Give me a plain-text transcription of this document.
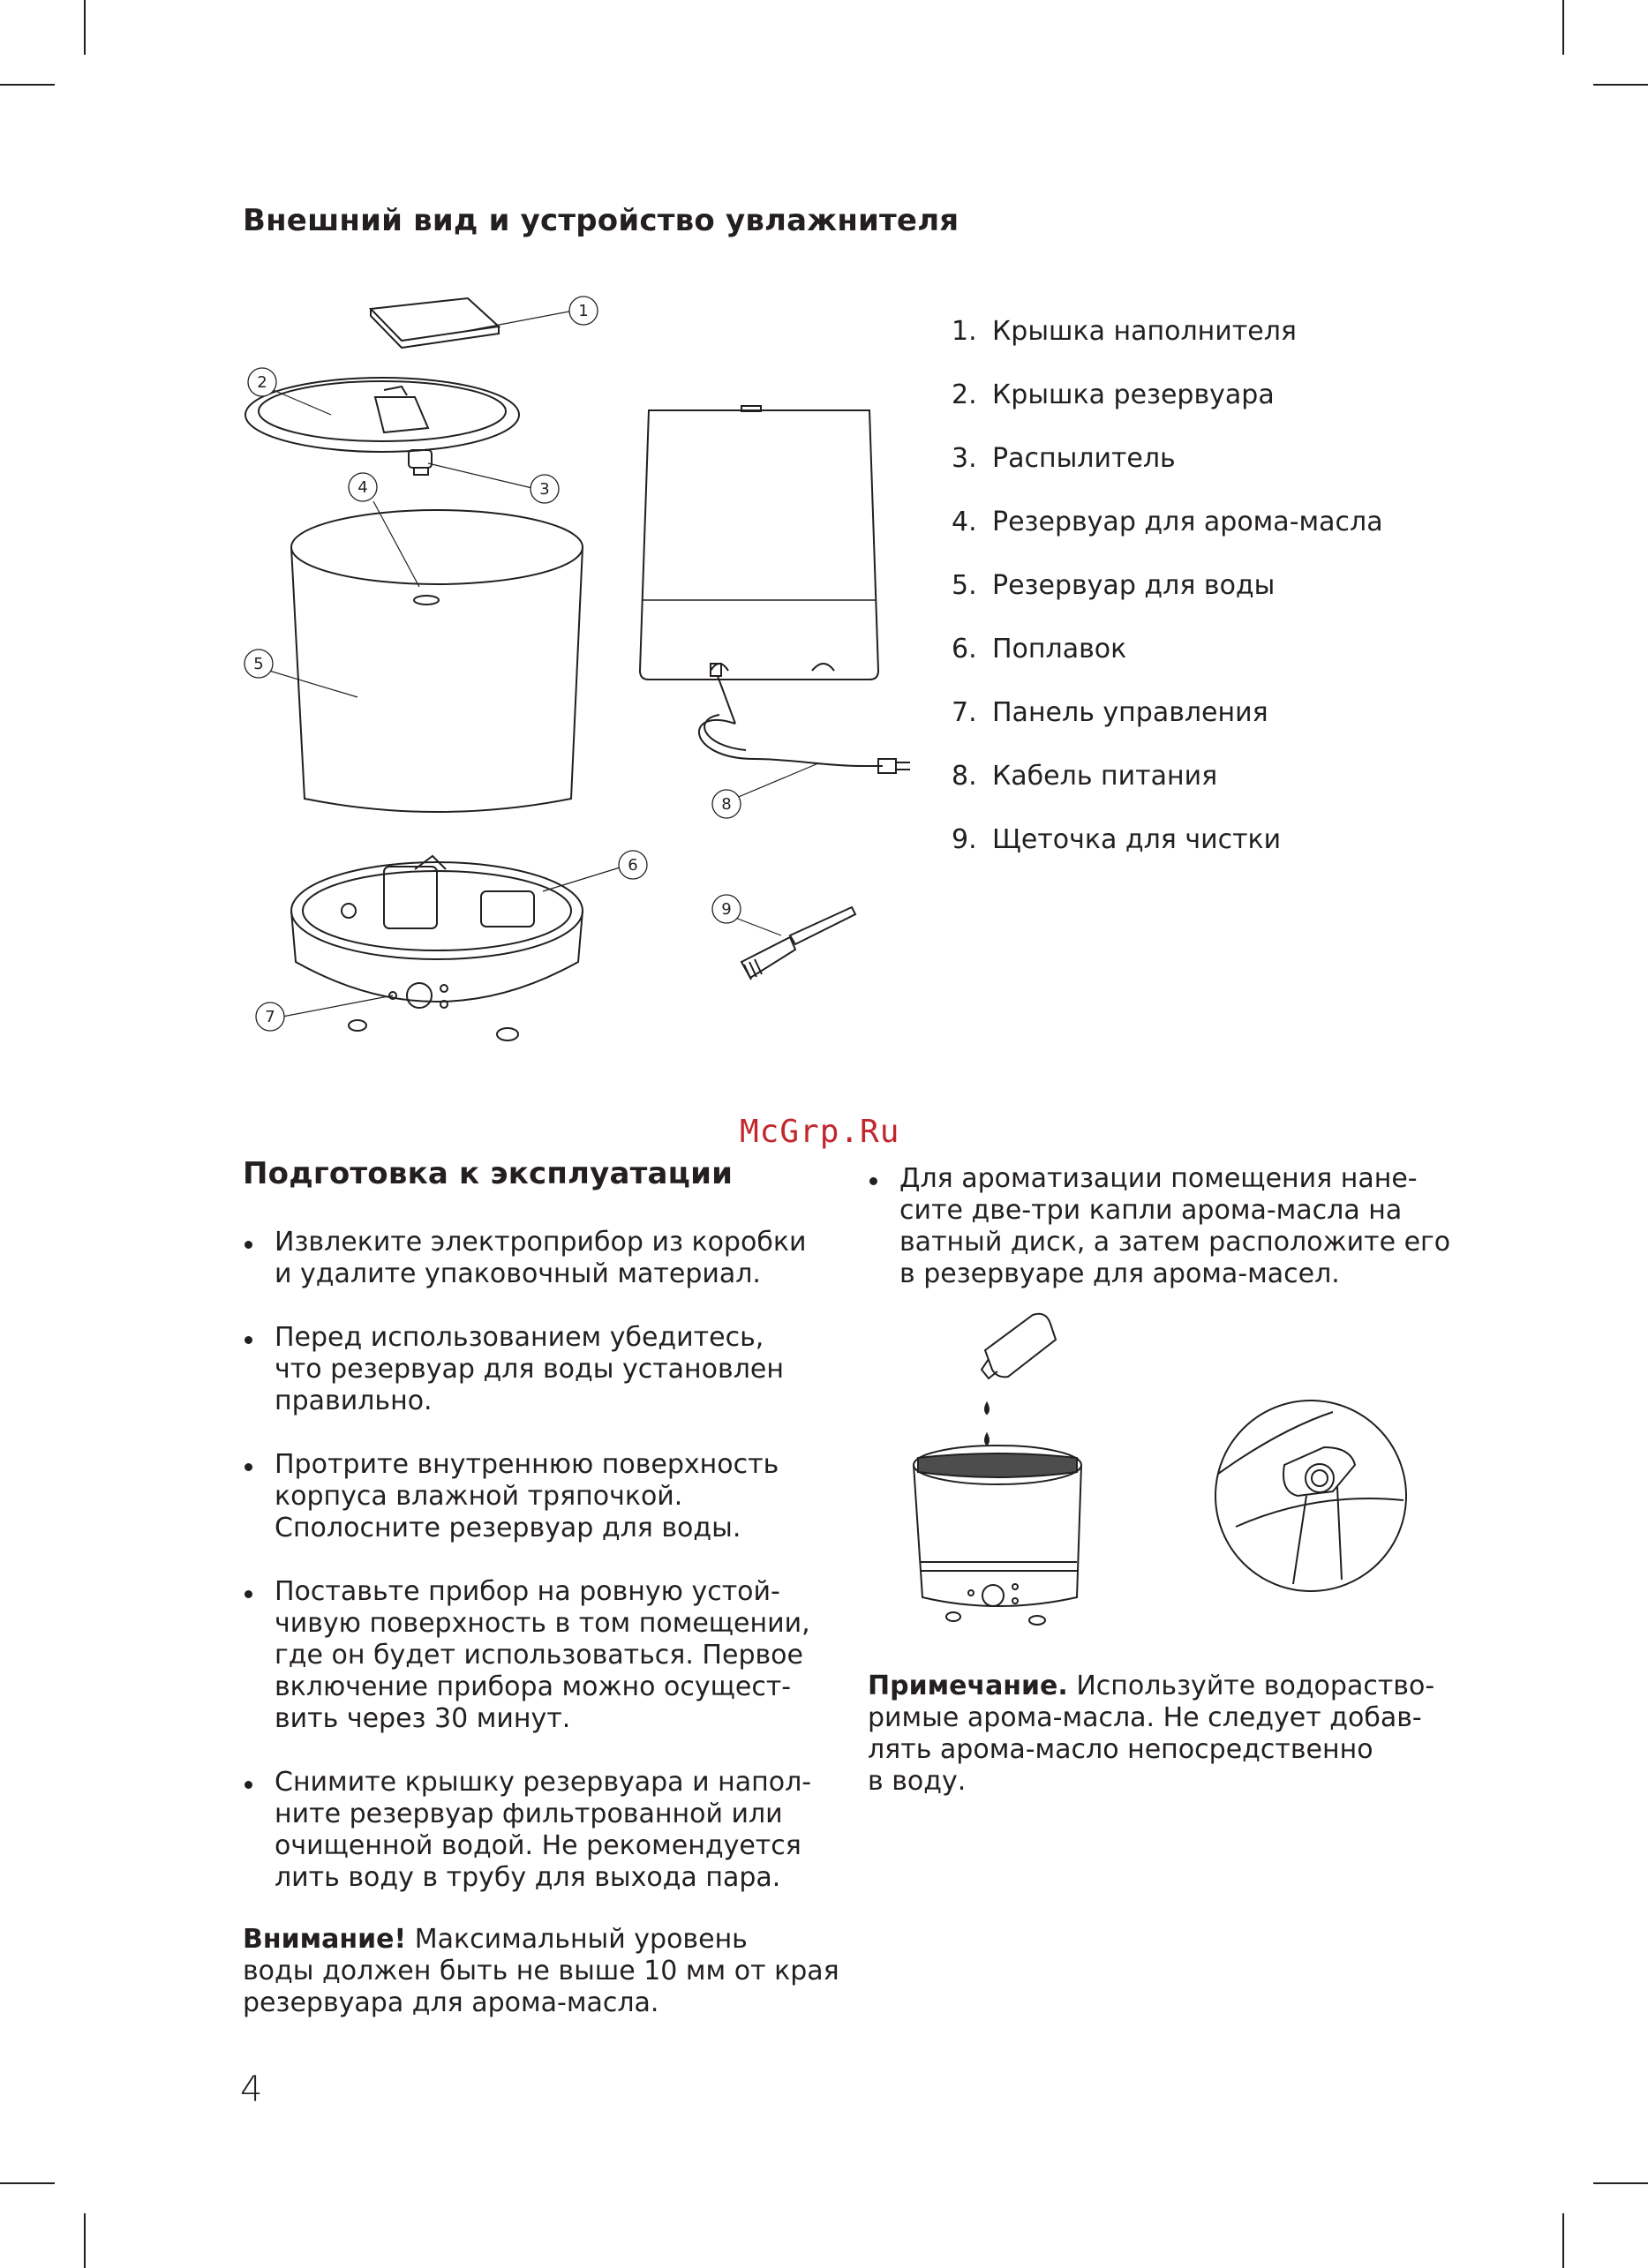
Внешний вид и устройство увлажнителя
1
2
3
4
5
6
7
8
9
1. Крышка наполнителя
2. Крышка резервуара
3. Распылитель
4. Резервуар для арома-масла
5. Резервуар для воды
6. Поплавок
7. Панель управления
8. Кабель питания
9. Щеточка для чистки
McGrp.Ru
Подготовка к эксплуатации
Извлеките электроприбор из коробки
и удалите упаковочный материал.
Перед использованием убедитесь,
что резервуар для воды установлен
правильно.
Протрите внутреннюю поверхность
корпуса влажной тряпочкой.
Сполосните резервуар для воды.
Поставьте прибор на ровную устой-
чивую поверхность в том помещении,
где он будет использоваться. Первое
включение прибора можно осущест-
вить через 30 минут.
Снимите крышку резервуара и напол-
ните резервуар фильтрованной или
очищенной водой. Не рекомендуется
лить воду в трубу для выхода пара.

Внимание! Максимальный уровень
воды должен быть не выше 10 мм от края
резервуара для арома-масла.

Для ароматизации помещения нане-
сите две-три капли арома-масла на
ватный диск, а затем расположите его
в резервуаре для арома-масел.

Примечание. Используйте водораство-
римые арома-масла. Не следует добав-
лять арома-масло непосредственно
в воду.

4
